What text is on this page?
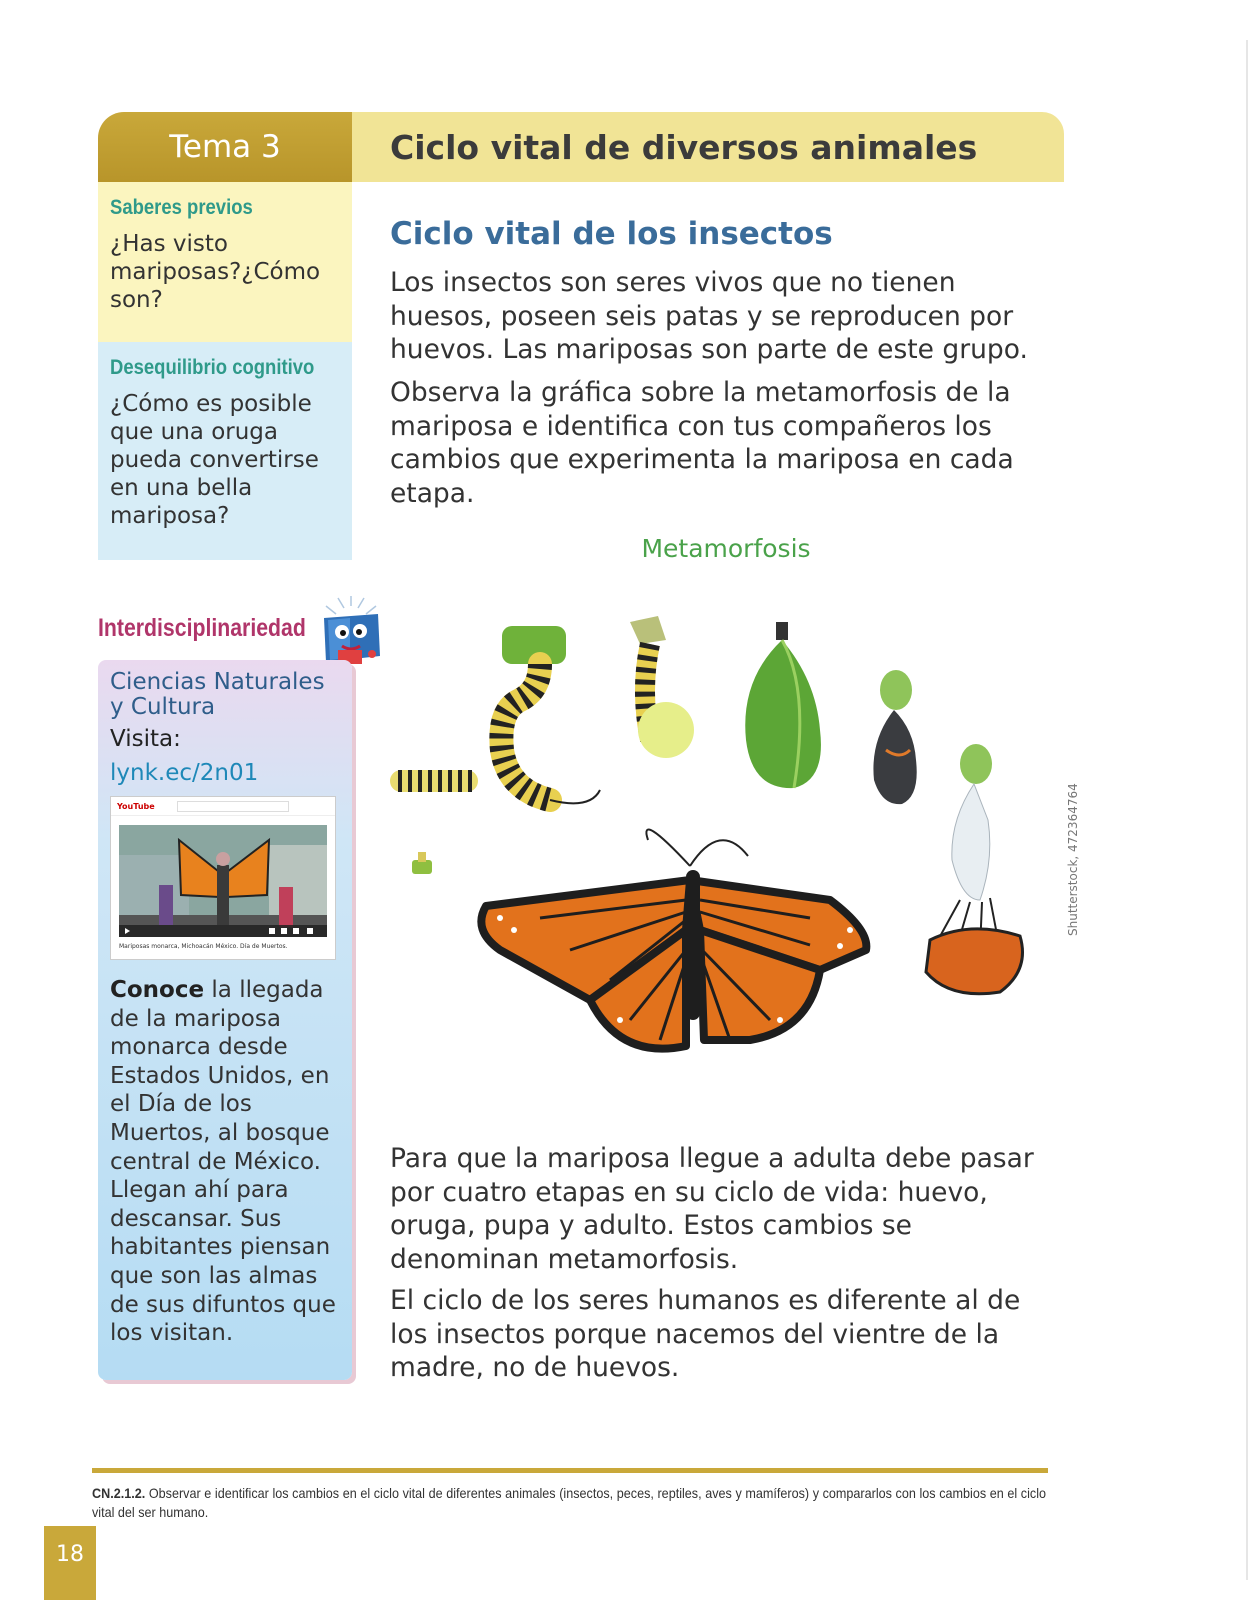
Tema 3	Ciclo vital de diversos animales
Saberes previos
¿Has visto mariposas?¿Cómo son?
Desequilibrio cognitivo
¿Cómo es posible que una oruga pueda convertirse en una bella mariposa?
Interdisciplinariedad
Ciencias Naturales y Cultura
Visita:
lynk.ec/2n01
YouTube
Mariposas monarca, Michoacán México. Día de Muertos.
Conoce la llegada de la mariposa monarca desde Estados Unidos, en el Día de los Muertos, al bosque central de México. Llegan ahí para descansar. Sus habitantes piensan que son las almas de sus difuntos que los visitan.
Ciclo vital de los insectos

Los insectos son seres vivos que no tienen huesos, poseen seis patas y se reproducen por huevos. Las mariposas son parte de este grupo.

Observa la gráfica sobre la metamorfosis de la mariposa e identifica con tus compañeros los cambios que experimenta la mariposa en cada etapa.

Metamorfosis
Shutterstock, 472364764

Para que la mariposa llegue a adulta debe pasar por cuatro etapas en su ciclo de vida: huevo, oruga, pupa y adulto. Estos cambios se denominan metamorfosis.

El ciclo de los seres humanos es diferente al de los insectos porque nacemos del vientre de la madre, no de huevos.

CN.2.1.2. Observar e identificar los cambios en el ciclo vital de diferentes animales (insectos, peces, reptiles, aves y mamíferos) y compararlos con los cambios en el ciclo vital del ser humano.
18
